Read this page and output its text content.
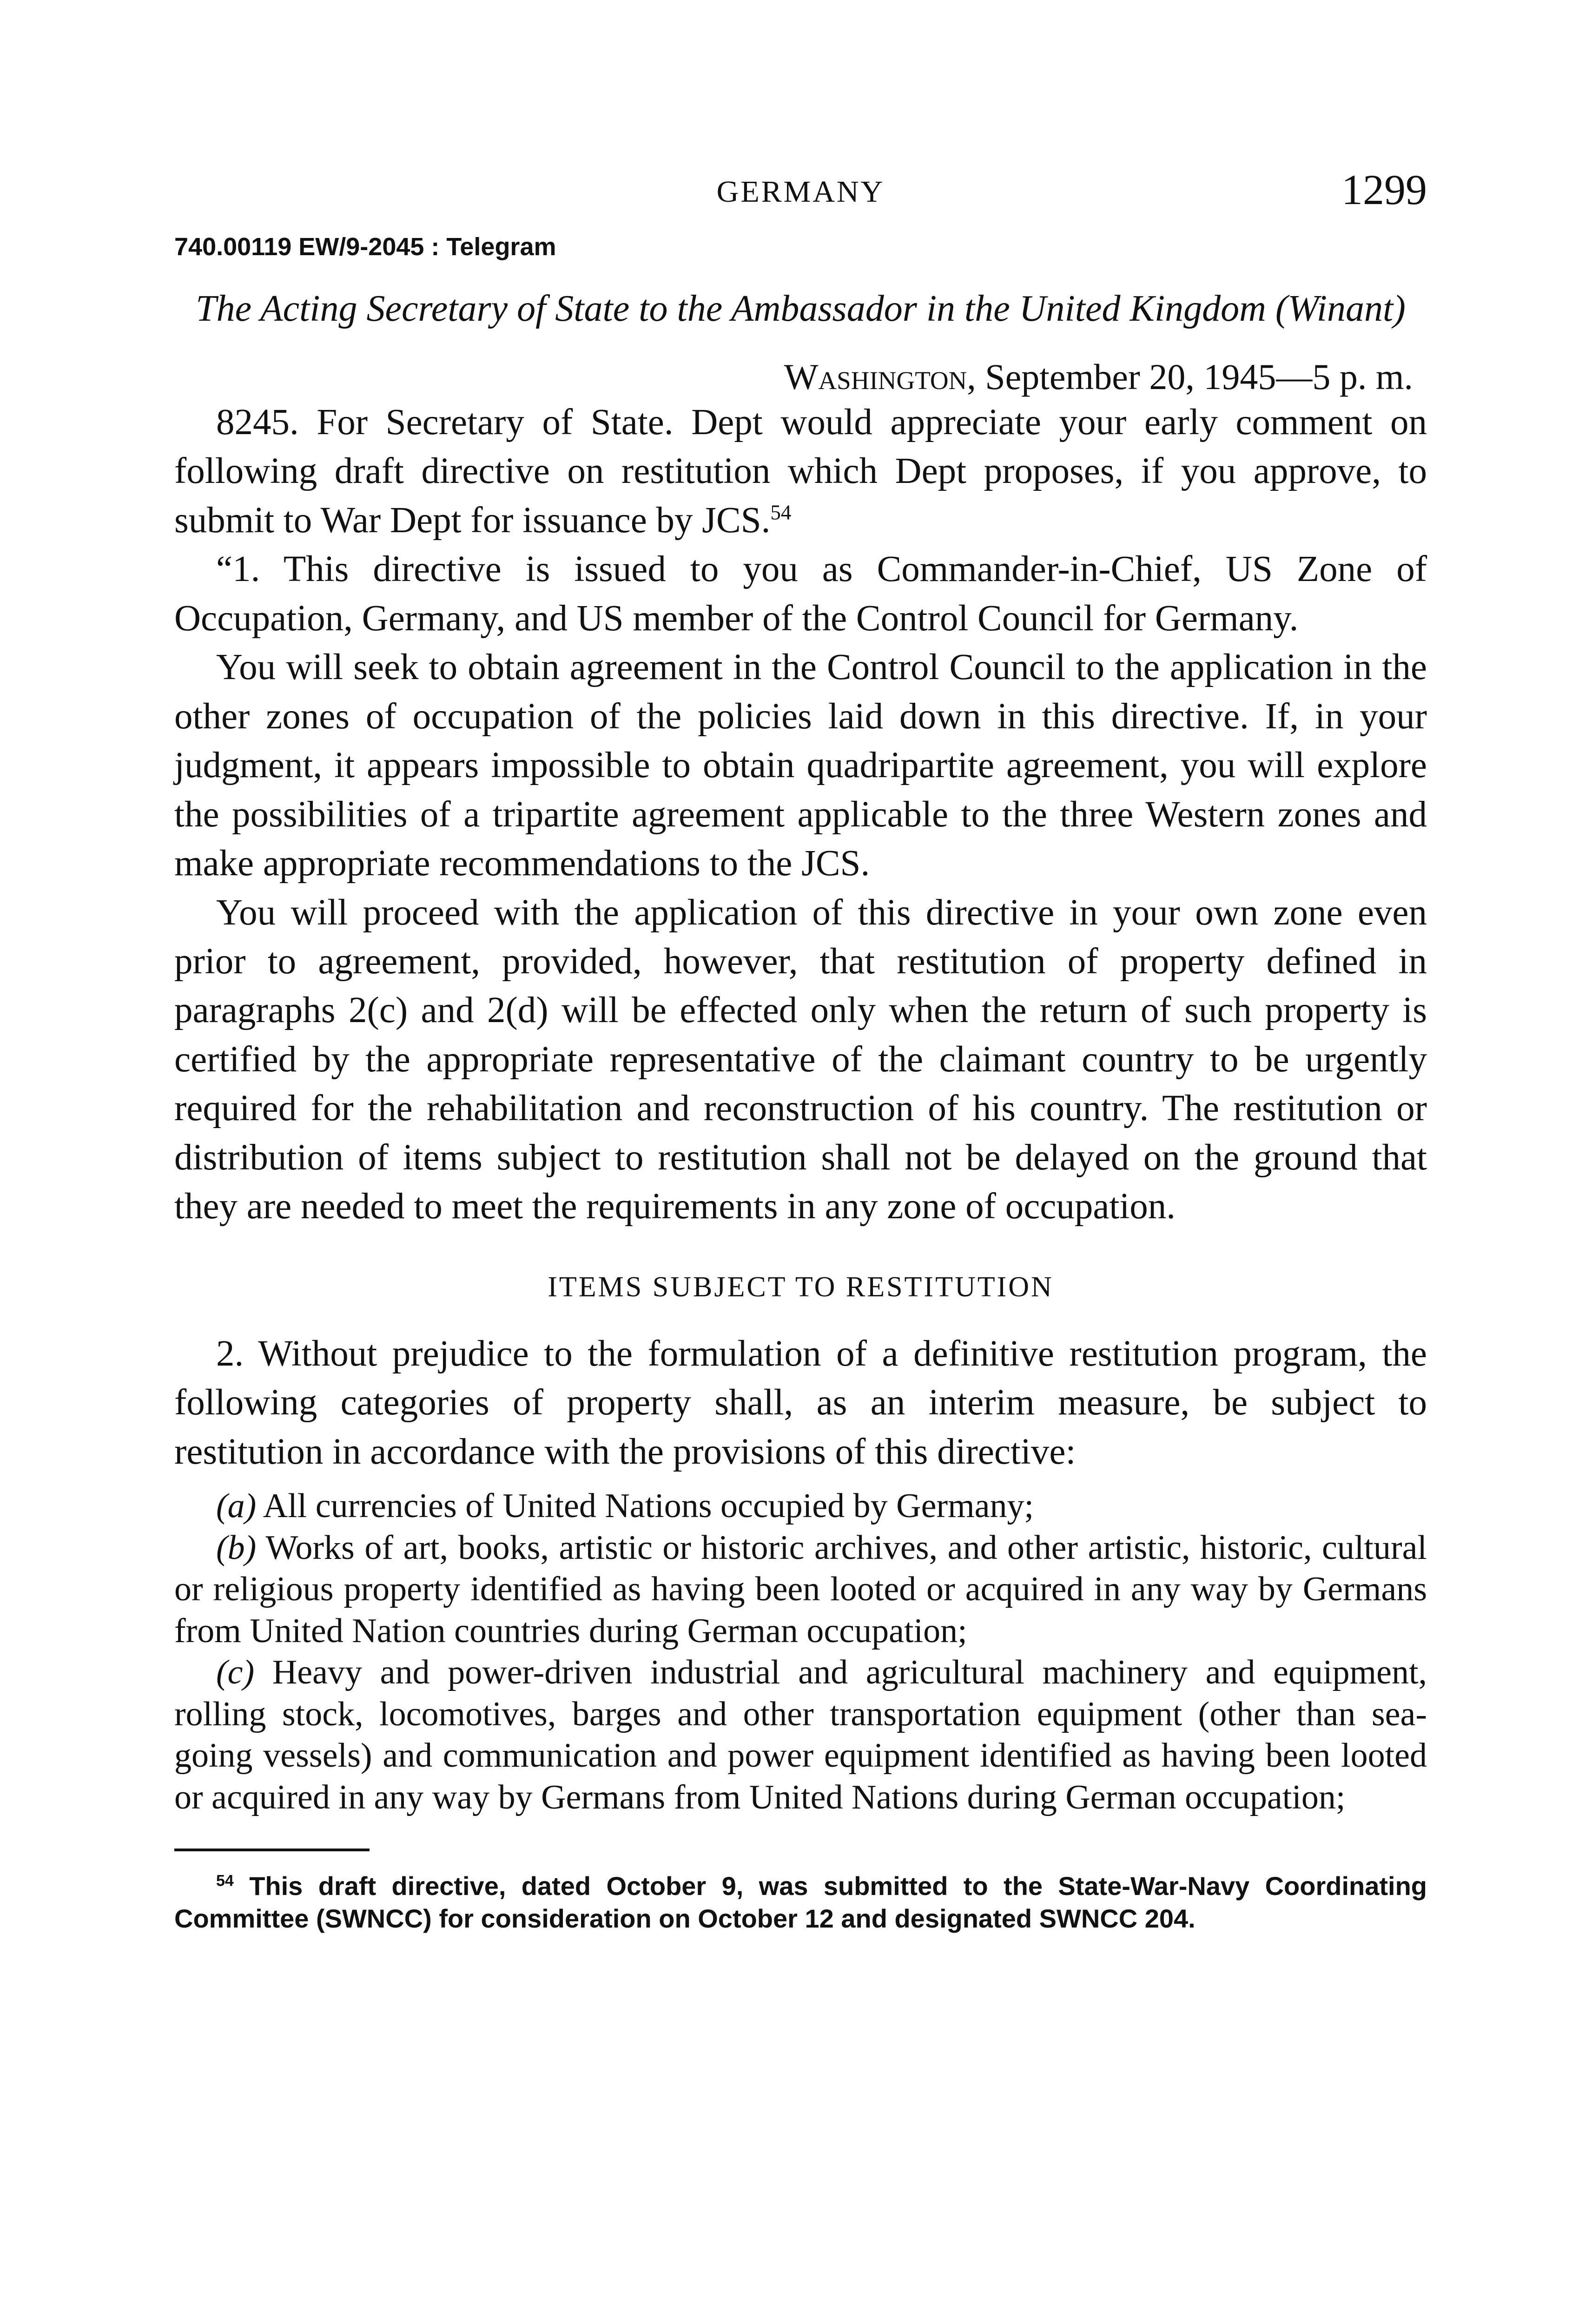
GERMANY	1299
740.00119 EW/9-2045 : Telegram
The Acting Secretary of State to the Ambassador in the United Kingdom (Winant)
Washington, September 20, 1945—5 p. m.

8245. For Secretary of State. Dept would appreciate your early comment on following draft directive on restitution which Dept proposes, if you approve, to submit to War Dept for issuance by JCS.$^{54}$

“1. This directive is issued to you as Commander-in-Chief, US Zone of Occupation, Germany, and US member of the Control Council for Germany.

You will seek to obtain agreement in the Control Council to the application in the other zones of occupation of the policies laid down in this directive. If, in your judgment, it appears impossible to obtain quadripartite agreement, you will explore the possibilities of a tripartite agreement applicable to the three Western zones and make appropriate recommendations to the JCS.

You will proceed with the application of this directive in your own zone even prior to agreement, provided, however, that restitution of property defined in paragraphs 2(c) and 2(d) will be effected only when the return of such property is certified by the appropriate representative of the claimant country to be urgently required for the rehabilitation and reconstruction of his country. The restitution or distribution of items subject to restitution shall not be delayed on the ground that they are needed to meet the requirements in any zone of occupation.

ITEMS SUBJECT TO RESTITUTION

2. Without prejudice to the formulation of a definitive restitution program, the following categories of property shall, as an interim measure, be subject to restitution in accordance with the provisions of this directive:

(a) All currencies of United Nations occupied by Germany;

(b) Works of art, books, artistic or historic archives, and other artistic, historic, cultural or religious property identified as having been looted or acquired in any way by Germans from United Nation countries during German occupation;

(c) Heavy and power-driven industrial and agricultural machinery and equipment, rolling stock, locomotives, barges and other transportation equipment (other than sea-going vessels) and communication and power equipment identified as having been looted or acquired in any way by Germans from United Nations during German occupation;

$^{54}$ This draft directive, dated October 9, was submitted to the State-War-Navy Coordinating Committee (SWNCC) for consideration on October 12 and designated SWNCC 204.
